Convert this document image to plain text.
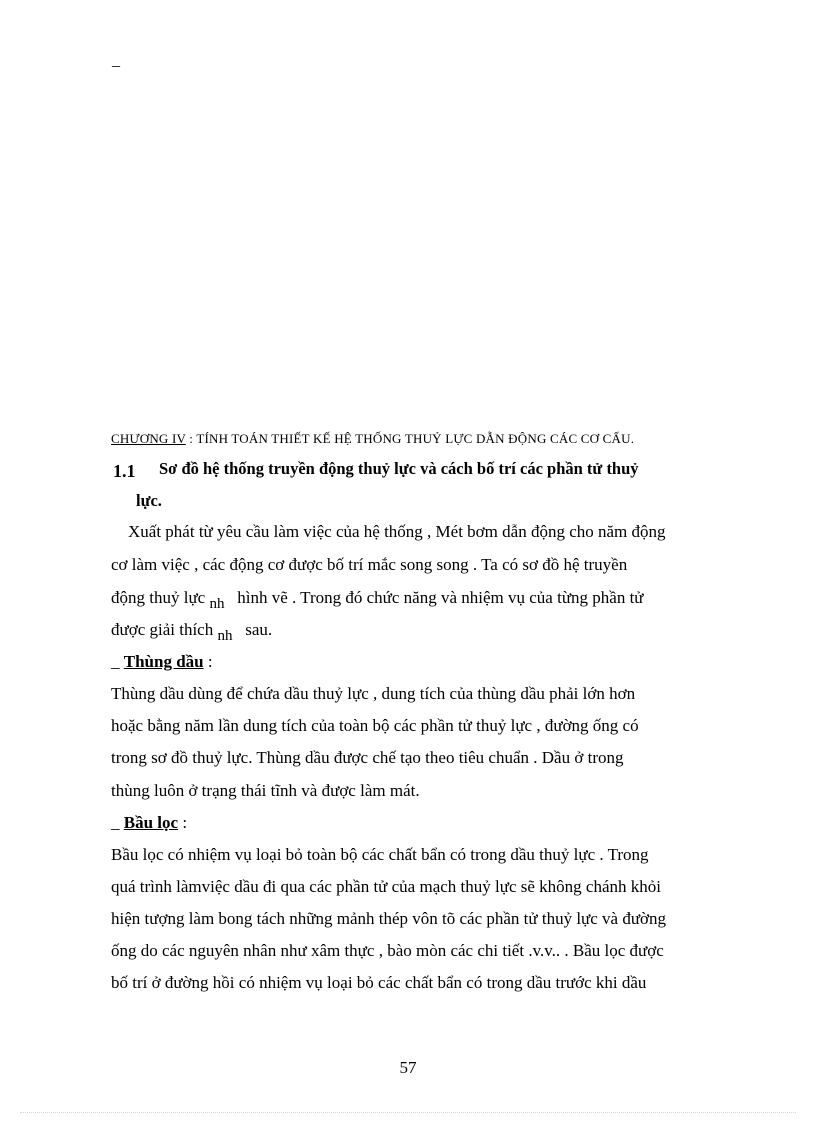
_
CHƯƠNG IV : TÍNH TOÁN THIẾT KẾ HỆ THỐNG THUỶ LỰC DẪN ĐỘNG CÁC CƠ CẤU.
1.1 Sơ đồ hệ thống truyền động thuỷ lực và cách bố trí các phần tử thuỷ
lực.
Xuất phát từ yêu cầu làm việc của hệ thống , Mét bơm dẫn động cho năm động
cơ làm việc , các động cơ được bố trí mắc song song . Ta có sơ đồ hệ truyền
động thuỷ lực nh hình vẽ . Trong đó chức năng và nhiệm vụ của từng phần tử
được giải thích nh sau.
_ Thùng dầu :
Thùng dầu dùng để chứa dầu thuỷ lực , dung tích của thùng dầu phải lớn hơn
hoặc bằng năm lần dung tích của toàn bộ các phần tử thuỷ lực , đường ống có
trong sơ đồ thuỷ lực. Thùng dầu được chế tạo theo tiêu chuẩn . Dầu ở trong
thùng luôn ở trạng thái tĩnh và được làm mát.
_ Bầu lọc :
Bầu lọc có nhiệm vụ loại bỏ toàn bộ các chất bẩn có trong dầu thuỷ lực . Trong
quá trình làmviệc dầu đi qua các phần tử của mạch thuỷ lực sẽ không chánh khỏi
hiện tượng làm bong tách những mảnh thép vôn tõ các phần tử thuỷ lực và đường
ống do các nguyên nhân như xâm thực , bào mòn các chi tiết .v.v.. . Bầu lọc được
bố trí ở đường hồi có nhiệm vụ loại bỏ các chất bẩn có trong dầu trước khi dầu
57
